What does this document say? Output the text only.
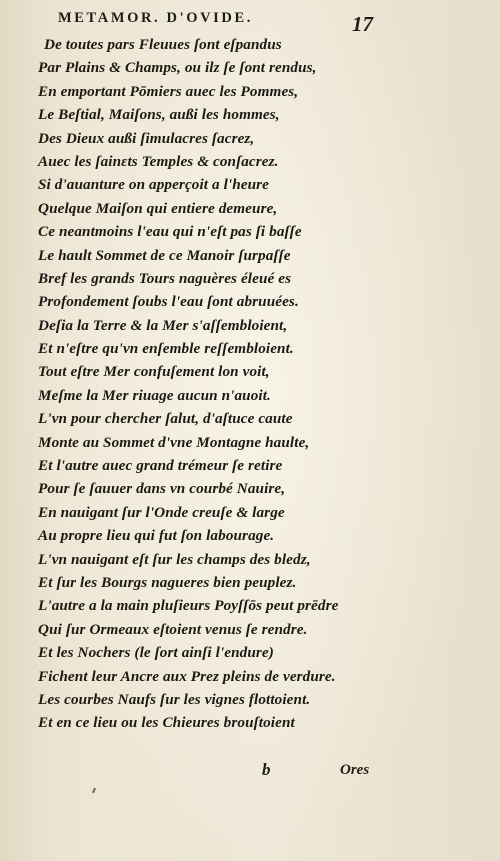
METAMOR. D'OVIDE.	17
De toutes pars Fleuues ſont eſpandus
Par Plains & Champs, ou ilz ſe ſont rendus,
En emportant Pōmiers auec les Pommes,
Le Beſtial, Maiſons, außi les hommes,
Des Dieux außi ſimulacres ſacrez,
Auec les ſainɛts Temples & conſacrez.
Si d'auanture on apperçoit a l'heure
Quelque Maiſon qui entiere demeure,
Ce neantmoins l'eau qui n'eſt pas ſi baſſe
Le hault Sommet de ce Manoir ſurpaſſe
Bref les grands Tours naguères éleué es
Profondement ſoubs l'eau ſont abruuées.
Deſia la Terre & la Mer s'aſſembloient,
Et n'eſtre qu'vn enſemble reſſembloient.
Tout eſtre Mer confuſement lon voit,
Meſme la Mer riuage aucun n'auoit.
L'vn pour chercher ſalut, d'aſtuce caute
Monte au Sommet d'vne Montagne haulte,
Et l'autre auec grand trémeur ſe retire
Pour ſe ſauuer dans vn courbé Nauire,
En nauigant ſur l'Onde creuſe & large
Au propre lieu qui fut ſon labourage.
L'vn nauigant eſt ſur les champs des bledz,
Et ſur les Bourgs nagueres bien peuplez.
L'autre a la main pluſieurs Poyſſōs peut prēdre
Qui ſur Ormeaux eſtoient venus ſe rendre.
Et les Nochers (le ſort ainſi l'endure)
Fichent leur Ancre aux Prez pleins de verdure.
Les courbes Naufs ſur les vignes flottoient.
Et en ce lieu ou les Chieures brouſtoient
b	Ores
